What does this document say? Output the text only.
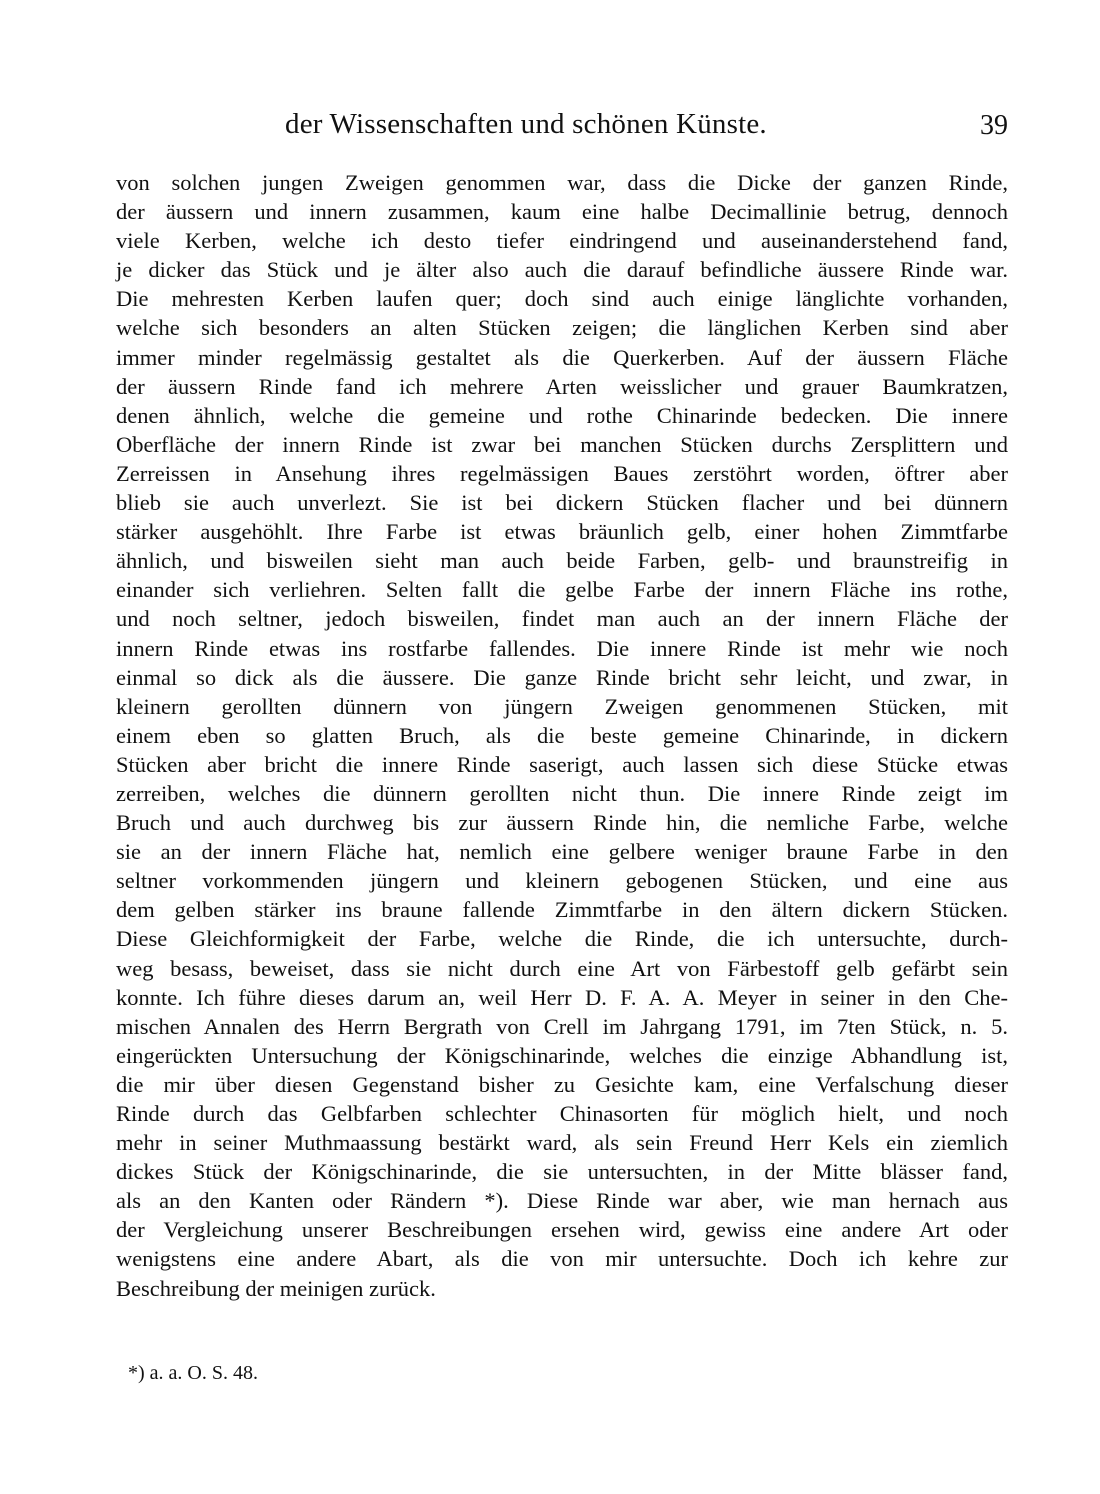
der Wissenschaften und schönen Künste.	39
von solchen jungen Zweigen genommen war, dass die Dicke der ganzen Rinde,
der äussern und innern zusammen, kaum eine halbe Decimallinie betrug, dennoch
viele Kerben, welche ich desto tiefer eindringend und auseinanderstehend fand,
je dicker das Stück und je älter also auch die darauf befindliche äussere Rinde war.
Die mehresten Kerben laufen quer; doch sind auch einige länglichte vorhanden,
welche sich besonders an alten Stücken zeigen; die länglichen Kerben sind aber
immer minder regelmässig gestaltet als die Querkerben. Auf der äussern Fläche
der äussern Rinde fand ich mehrere Arten weisslicher und grauer Baumkratzen,
denen ähnlich, welche die gemeine und rothe Chinarinde bedecken. Die innere
Oberfläche der innern Rinde ist zwar bei manchen Stücken durchs Zersplittern und
Zerreissen in Ansehung ihres regelmässigen Baues zerstöhrt worden, öftrer aber
blieb sie auch unverlezt. Sie ist bei dickern Stücken flacher und bei dünnern
stärker ausgehöhlt. Ihre Farbe ist etwas bräunlich gelb, einer hohen Zimmtfarbe
ähnlich, und bisweilen sieht man auch beide Farben, gelb- und braunstreifig in
einander sich verliehren. Selten fallt die gelbe Farbe der innern Fläche ins rothe,
und noch seltner, jedoch bisweilen, findet man auch an der innern Fläche der
innern Rinde etwas ins rostfarbe fallendes. Die innere Rinde ist mehr wie noch
einmal so dick als die äussere. Die ganze Rinde bricht sehr leicht, und zwar, in
kleinern gerollten dünnern von jüngern Zweigen genommenen Stücken, mit
einem eben so glatten Bruch, als die beste gemeine Chinarinde, in dickern
Stücken aber bricht die innere Rinde saserigt, auch lassen sich diese Stücke etwas
zerreiben, welches die dünnern gerollten nicht thun. Die innere Rinde zeigt im
Bruch und auch durchweg bis zur äussern Rinde hin, die nemliche Farbe, welche
sie an der innern Fläche hat, nemlich eine gelbere weniger braune Farbe in den
seltner vorkommenden jüngern und kleinern gebogenen Stücken, und eine aus
dem gelben stärker ins braune fallende Zimmtfarbe in den ältern dickern Stücken.
Diese Gleichformigkeit der Farbe, welche die Rinde, die ich untersuchte, durch-
weg besass, beweiset, dass sie nicht durch eine Art von Färbestoff gelb gefärbt sein
konnte. Ich führe dieses darum an, weil Herr D. F. A. A. Meyer in seiner in den Che-
mischen Annalen des Herrn Bergrath von Crell im Jahrgang 1791, im 7ten Stück, n. 5.
eingerückten Untersuchung der Königschinarinde, welches die einzige Abhandlung ist,
die mir über diesen Gegenstand bisher zu Gesichte kam, eine Verfalschung dieser
Rinde durch das Gelbfarben schlechter Chinasorten für möglich hielt, und noch
mehr in seiner Muthmaassung bestärkt ward, als sein Freund Herr Kels ein ziemlich
dickes Stück der Königschinarinde, die sie untersuchten, in der Mitte blässer fand,
als an den Kanten oder Rändern *). Diese Rinde war aber, wie man hernach aus
der Vergleichung unserer Beschreibungen ersehen wird, gewiss eine andere Art oder
wenigstens eine andere Abart, als die von mir untersuchte. Doch ich kehre zur
Beschreibung der meinigen zurück.
*) a. a. O. S. 48.
